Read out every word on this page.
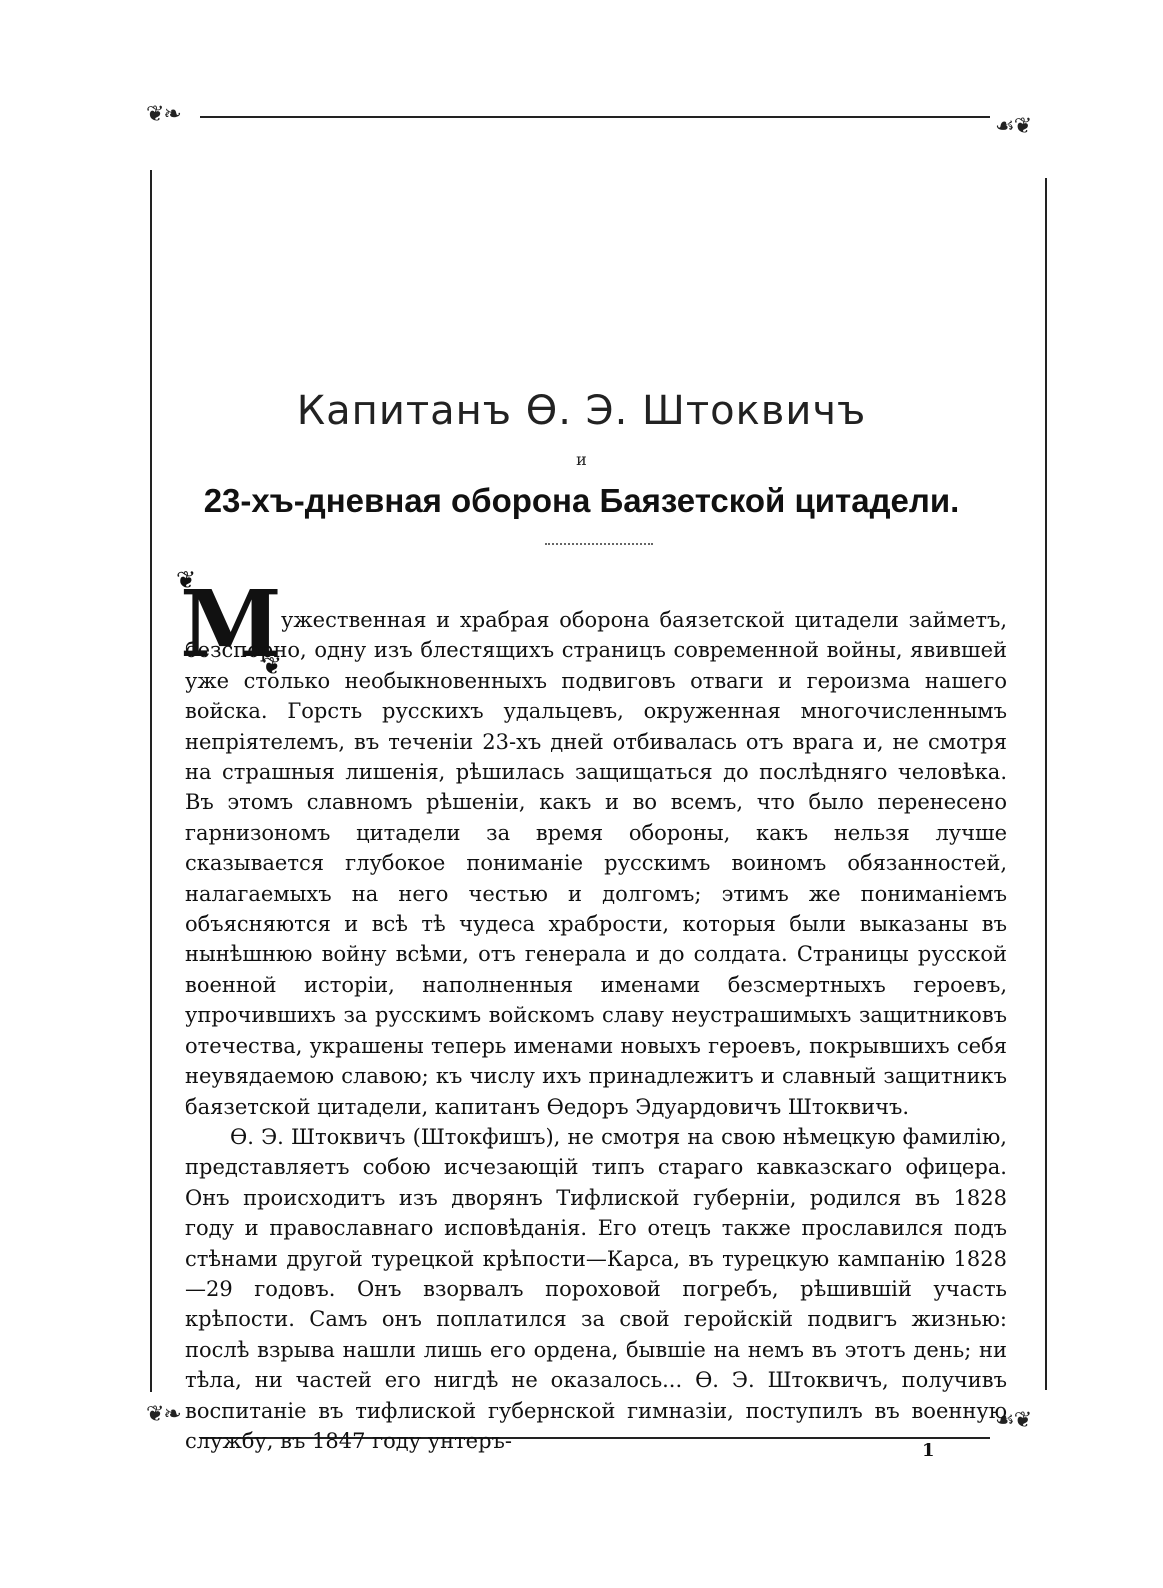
❦❧	☙❦
❦❧	☙❦
Капитанъ Ѳ. Э. Штоквичъ
и
23-хъ-дневная оборона Баязетской цитадели.
❦ М ❦ ужественная и храбрая оборона баязетской цитадели займетъ, безспорно, одну изъ блестящихъ страницъ современной войны, явившей уже столько необыкновенныхъ подвиговъ отваги и героизма нашего войска. Горсть русскихъ удальцевъ, окруженная многочисленнымъ непріятелемъ, въ теченіи 23-хъ дней отбивалась отъ врага и, не смотря на страшныя лишенія, рѣшилась защищаться до послѣдняго человѣка. Въ этомъ славномъ рѣшеніи, какъ и во всемъ, что было перенесено гарнизономъ цитадели за время обороны, какъ нельзя лучше сказывается глубокое пониманіе русскимъ воиномъ обязанностей, налагаемыхъ на него честью и долгомъ; этимъ же пониманіемъ объясняются и всѣ тѣ чудеса храбрости, которыя были выказаны въ нынѣшнюю войну всѣми, отъ генерала и до солдата. Страницы русской военной исторіи, наполненныя именами безсмертныхъ героевъ, упрочившихъ за русскимъ войскомъ славу неустрашимыхъ защитниковъ отечества, украшены теперь именами новыхъ героевъ, покрывшихъ себя неувядаемою славою; къ числу ихъ принадлежитъ и славный защитникъ баязетской цитадели, капитанъ Ѳедоръ Эдуардовичъ Штоквичъ.

Ѳ. Э. Штоквичъ (Штокфишъ), не смотря на свою нѣмецкую фамилію, представляетъ собою исчезающій типъ стараго кавказскаго офицера. Онъ происходитъ изъ дворянъ Тифлиской губерніи, родился въ 1828 году и православнаго исповѣданія. Его отецъ также прославился подъ стѣнами другой турецкой крѣпости—Карса, въ турецкую кампанію 1828—29 годовъ. Онъ взорвалъ пороховой погребъ, рѣшившій участь крѣпости. Самъ онъ поплатился за свой геройскій подвигъ жизнью: послѣ взрыва нашли лишь его ордена, бывшіе на немъ въ этотъ день; ни тѣла, ни частей его нигдѣ не оказалось... Ѳ. Э. Штоквичъ, получивъ воспитаніе въ тифлиской губернской гимназіи, поступилъ въ военную службу, въ 1847 году унтеръ-	1
